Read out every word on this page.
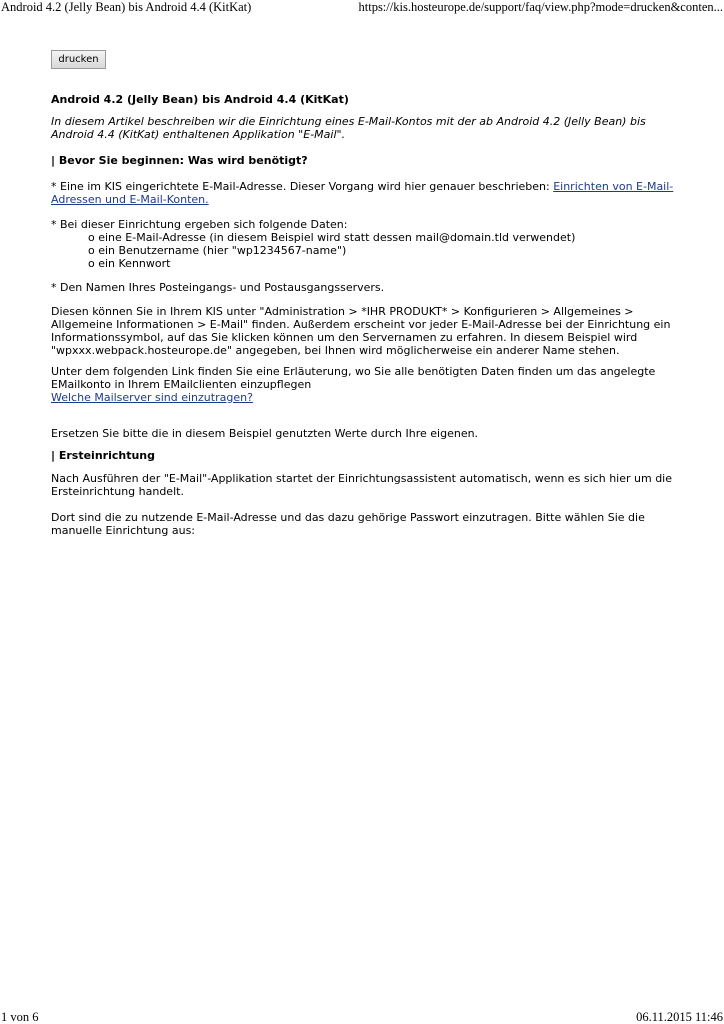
Android 4.2 (Jelly Bean) bis Android 4.4 (KitKat)	https://kis.hosteurope.de/support/faq/view.php?mode=drucken&conten...
drucken
Android 4.2 (Jelly Bean) bis Android 4.4 (KitKat)
In diesem Artikel beschreiben wir die Einrichtung eines E-Mail-Kontos mit der ab Android 4.2 (Jelly Bean) bis Android 4.4 (KitKat) enthaltenen Applikation "E-Mail".
| Bevor Sie beginnen: Was wird benötigt?
* Eine im KIS eingerichtete E-Mail-Adresse. Dieser Vorgang wird hier genauer beschrieben: Einrichten von E-Mail-Adressen und E-Mail-Konten.
* Bei dieser Einrichtung ergeben sich folgende Daten:
o eine E-Mail-Adresse (in diesem Beispiel wird statt dessen mail@domain.tld verwendet)
o ein Benutzername (hier "wp1234567-name")
o ein Kennwort
* Den Namen Ihres Posteingangs- und Postausgangsservers.
Diesen können Sie in Ihrem KIS unter "Administration > *IHR PRODUKT* > Konfigurieren > Allgemeines > Allgemeine Informationen > E-Mail" finden. Außerdem erscheint vor jeder E-Mail-Adresse bei der Einrichtung ein Informationssymbol, auf das Sie klicken können um den Servernamen zu erfahren. In diesem Beispiel wird "wpxxx.webpack.hosteurope.de" angegeben, bei Ihnen wird möglicherweise ein anderer Name stehen.
Unter dem folgenden Link finden Sie eine Erläuterung, wo Sie alle benötigten Daten finden um das angelegte EMailkonto in Ihrem EMailclienten einzupflegen
Welche Mailserver sind einzutragen?
Ersetzen Sie bitte die in diesem Beispiel genutzten Werte durch Ihre eigenen.
| Ersteinrichtung
Nach Ausführen der "E-Mail"-Applikation startet der Einrichtungsassistent automatisch, wenn es sich hier um die Ersteinrichtung handelt.
Dort sind die zu nutzende E-Mail-Adresse und das dazu gehörige Passwort einzutragen. Bitte wählen Sie die manuelle Einrichtung aus:
1 von 6	06.11.2015 11:46
